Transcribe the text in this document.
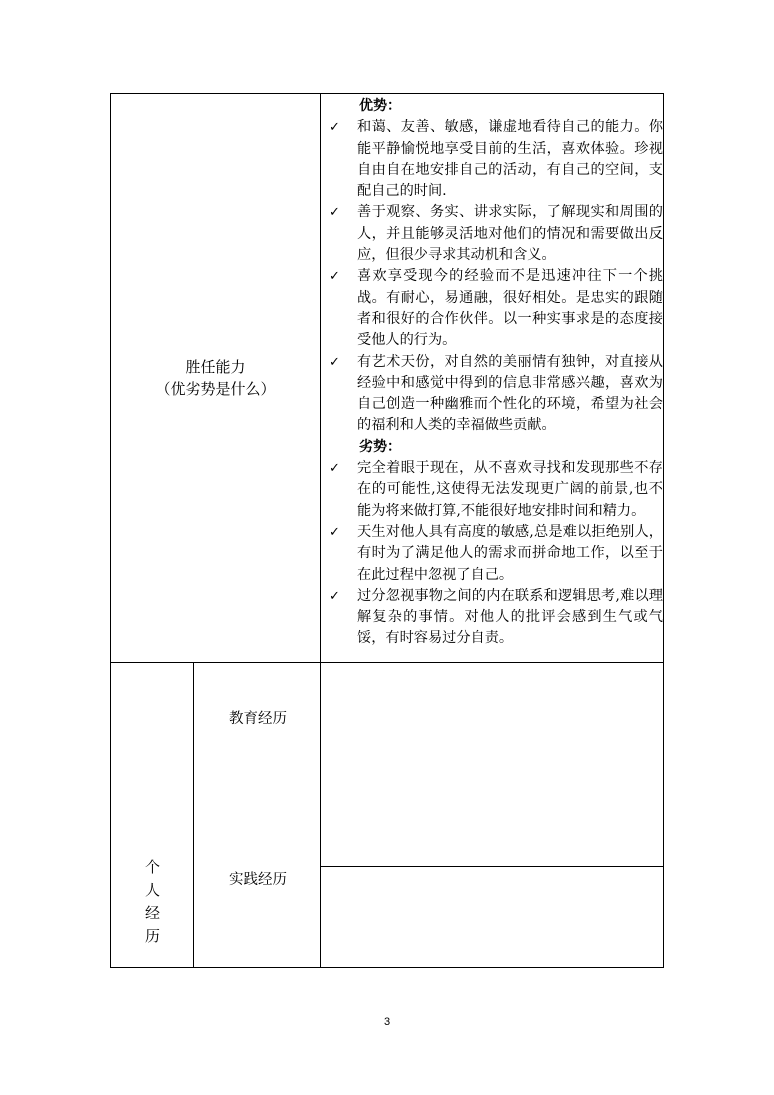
胜任能力
（优劣势是什么）
优势：
✓ 和蔼、友善、敏感，谦虚地看待自己的能力。你能平静愉悦地享受目前的生活，喜欢体验。珍视自由自在地安排自己的活动，有自己的空间，支配自己的时间.
✓ 善于观察、务实、讲求实际，了解现实和周围的人，并且能够灵活地对他们的情况和需要做出反应，但很少寻求其动机和含义。
✓ 喜欢享受现今的经验而不是迅速冲往下一个挑战。有耐心，易通融，很好相处。是忠实的跟随者和很好的合作伙伴。以一种实事求是的态度接受他人的行为。
✓ 有艺术天份，对自然的美丽情有独钟，对直接从经验中和感觉中得到的信息非常感兴趣，喜欢为自己创造一种幽雅而个性化的环境，希望为社会的福利和人类的幸福做些贡献。
劣势：
✓ 完全着眼于现在，从不喜欢寻找和发现那些不存在的可能性,这使得无法发现更广阔的前景,也不能为将来做打算,不能很好地安排时间和精力。
✓ 天生对他人具有高度的敏感,总是难以拒绝别人，有时为了满足他人的需求而拼命地工作，以至于在此过程中忽视了自己。
✓ 过分忽视事物之间的内在联系和逻辑思考,难以理解复杂的事情。对他人的批评会感到生气或气馁，有时容易过分自责。
个
人
经
历
教育经历
实践经历
3
